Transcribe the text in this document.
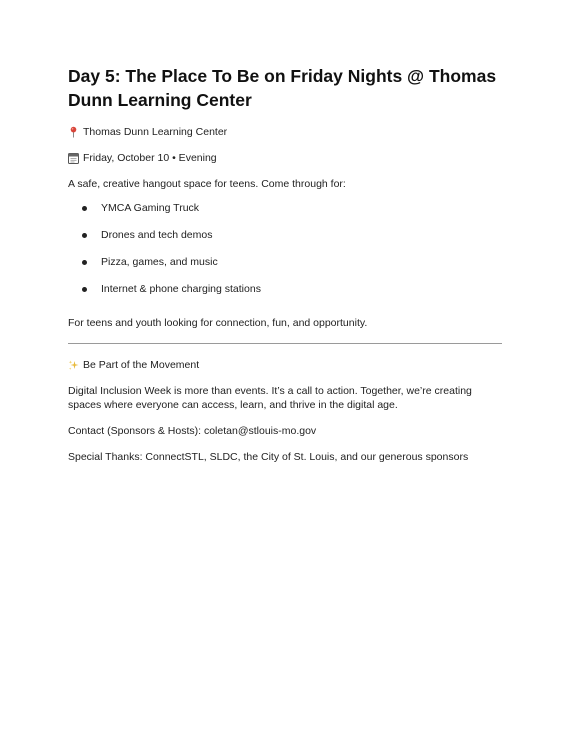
Day 5: The Place To Be on Friday Nights @ Thomas Dunn Learning Center
Thomas Dunn Learning Center
Friday, October 10 • Evening

A safe, creative hangout space for teens. Come through for:

YMCA Gaming Truck
Drones and tech demos
Pizza, games, and music
Internet & phone charging stations

For teens and youth looking for connection, fun, and opportunity.

Be Part of the Movement

Digital Inclusion Week is more than events. It’s a call to action. Together, we’re creating spaces where everyone can access, learn, and thrive in the digital age.

Contact (Sponsors & Hosts): coletan@stlouis-mo.gov

Special Thanks: ConnectSTL, SLDC, the City of St. Louis, and our generous sponsors
